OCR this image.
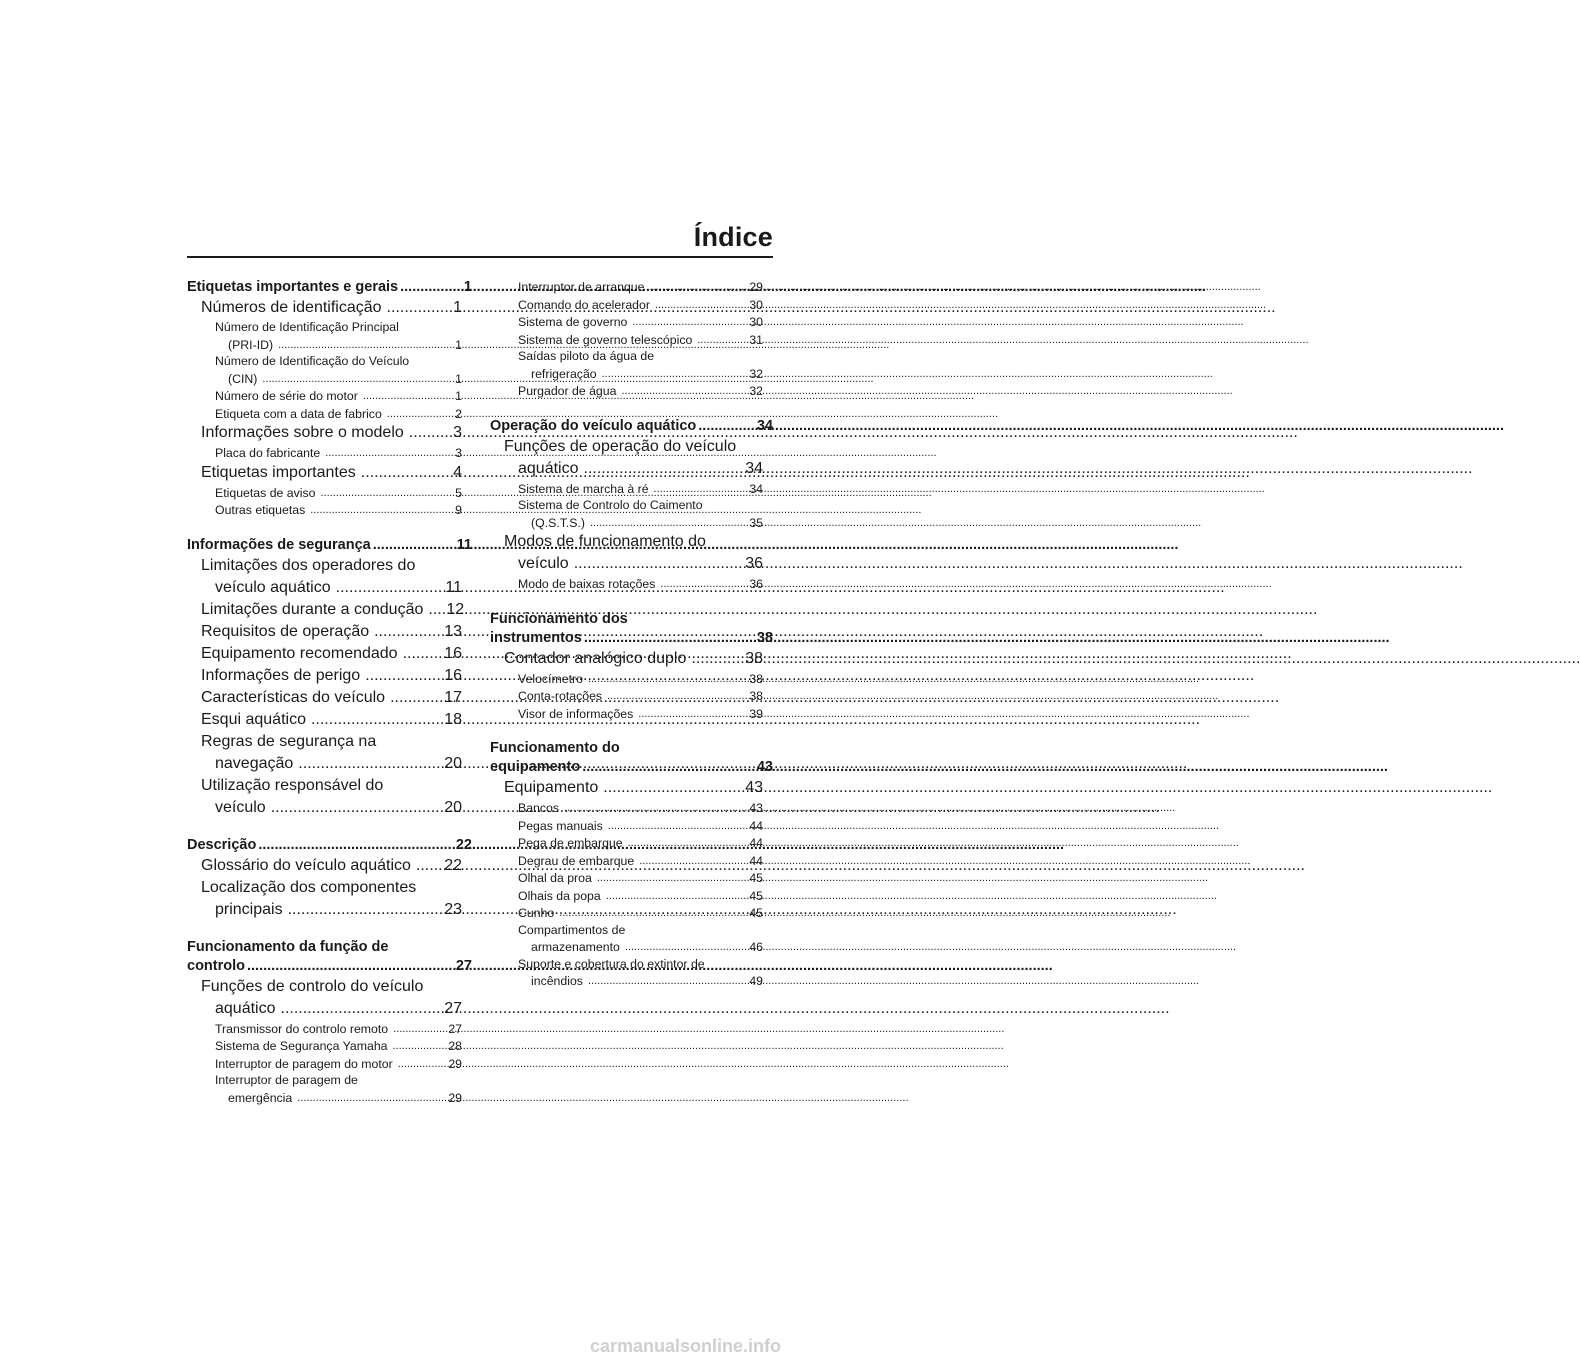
Índice
Etiquetas importantes e gerais .....	1
Números de identificação .....	1
Número de Identificação Principal
(PRI-ID) .....	1
Número de Identificação do Veículo
(CIN) .....	1
Número de série do motor .....	1
Etiqueta com a data de fabrico .....	2
Informações sobre o modelo .....	3
Placa do fabricante .....	3
Etiquetas importantes .....	4
Etiquetas de aviso .....	5
Outras etiquetas .....	9
Informações de segurança .....	11
Limitações dos operadores do
veículo aquático .....	11
Limitações durante a condução ..... 12
Requisitos de operação .....	13
Equipamento recomendado .....	16
Informações de perigo .....	16
Características do veículo .....	17
Esqui aquático .....	18
Regras de segurança na
navegação .....	20
Utilização responsável do
veículo .....	20
Descrição .....	22
Glossário do veículo aquático ..... 22
Localização dos componentes
principais .....	23
Funcionamento da função de
controlo .....	27
Funções de controlo do veículo
aquático .....	27
Transmissor do controlo remoto .....	27
Sistema de Segurança Yamaha .....	28
Interruptor de paragem do motor .....	29
Interruptor de paragem de
emergência .....	29
Interruptor de arranque .....	29
Comando do acelerador .....	30
Sistema de governo .....	30
Sistema de governo telescópico .....	31
Saídas piloto da água de
refrigeração .....	32
Purgador de água .....	32
Operação do veículo aquático .....	34
Funções de operação do veículo
aquático .....	34
Sistema de marcha à ré .....	34
Sistema de Controlo do Caimento
(Q.S.T.S.) .....	35
Modos de funcionamento do
veículo .....	36
Modo de baixas rotações .....	36
Funcionamento dos
instrumentos .....	38
Contador analógico duplo .....	38
Velocímetro .....	38
Conta-rotações .....	38
Visor de informações .....	39
Funcionamento do
equipamento .....	43
Equipamento .....	43
Bancos .....	43
Pegas manuais .....	44
Pega de embarque .....	44
Degrau de embarque .....	44
Olhal da proa .....	45
Olhais da popa .....	45
Cunho .....	45
Compartimentos de
armazenamento .....	46
Suporte e cobertura do extintor de
incêndios .....	49
carmanualsonline.info
